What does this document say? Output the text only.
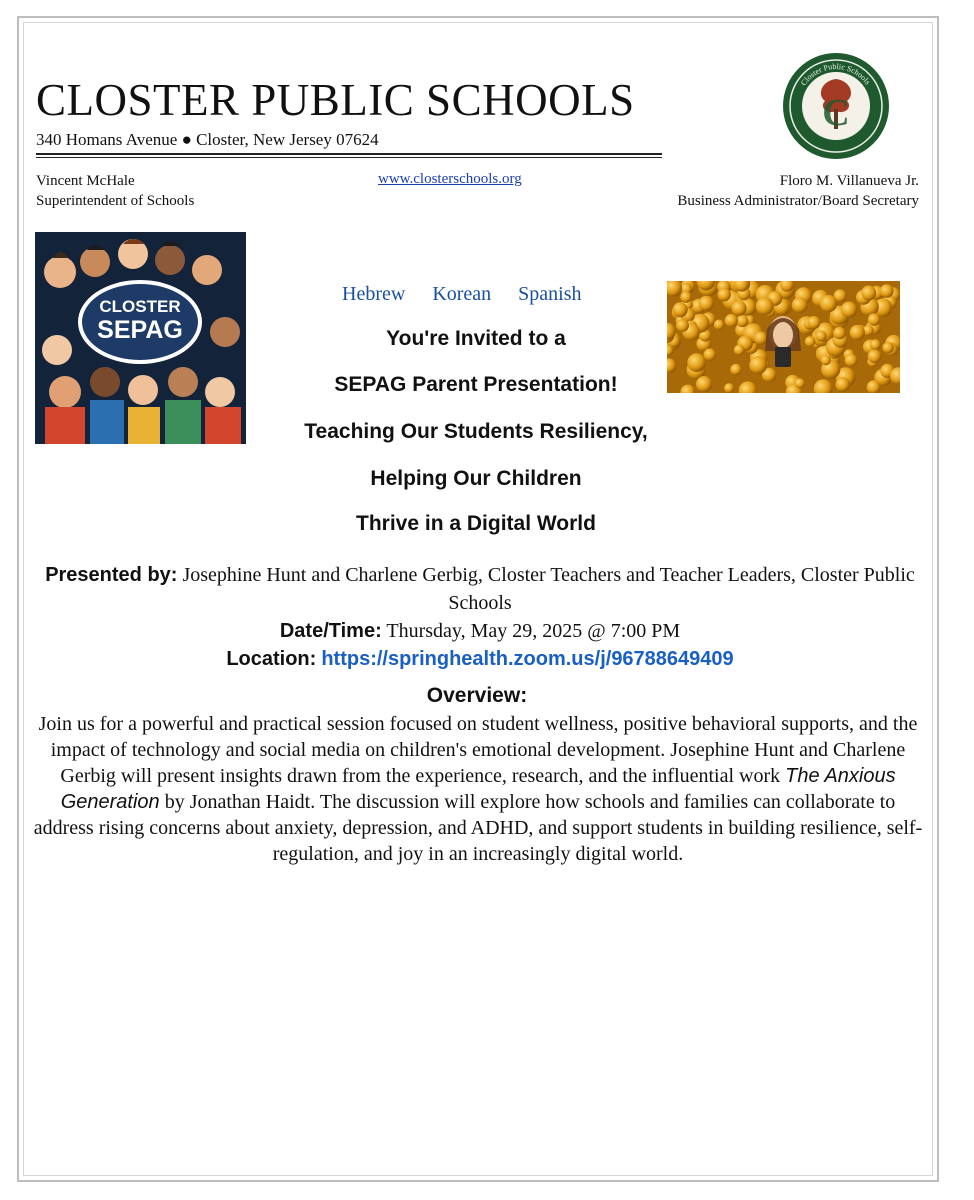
CLOSTER PUBLIC SCHOOLS
340 Homans Avenue ● Closter, New Jersey 07624
C
Closter Public Schools
Vincent McHale
Superintendent of Schools
www.closterschools.org	Floro M. Villanueva Jr.
Business Administrator/Board Secretary
CLOSTER
SEPAG
Hebrew Korean Spanish
You're Invited to a
SEPAG Parent Presentation!
Teaching Our Students Resiliency,
Helping Our Children
Thrive in a Digital World
Presented by: Josephine Hunt and Charlene Gerbig, Closter Teachers and Teacher Leaders, Closter Public Schools
Date/Time: Thursday, May 29, 2025 @ 7:00 PM
Location: https://springhealth.zoom.us/j/96788649409
Overview:
Join us for a powerful and practical session focused on student wellness, positive behavioral supports, and the impact of technology and social media on children's emotional development. Josephine Hunt and Charlene Gerbig will present insights drawn from the experience, research, and the influential work The Anxious Generation by Jonathan Haidt. The discussion will explore how schools and families can collaborate to address rising concerns about anxiety, depression, and ADHD, and support students in building resilience, self-regulation, and joy in an increasingly digital world.
